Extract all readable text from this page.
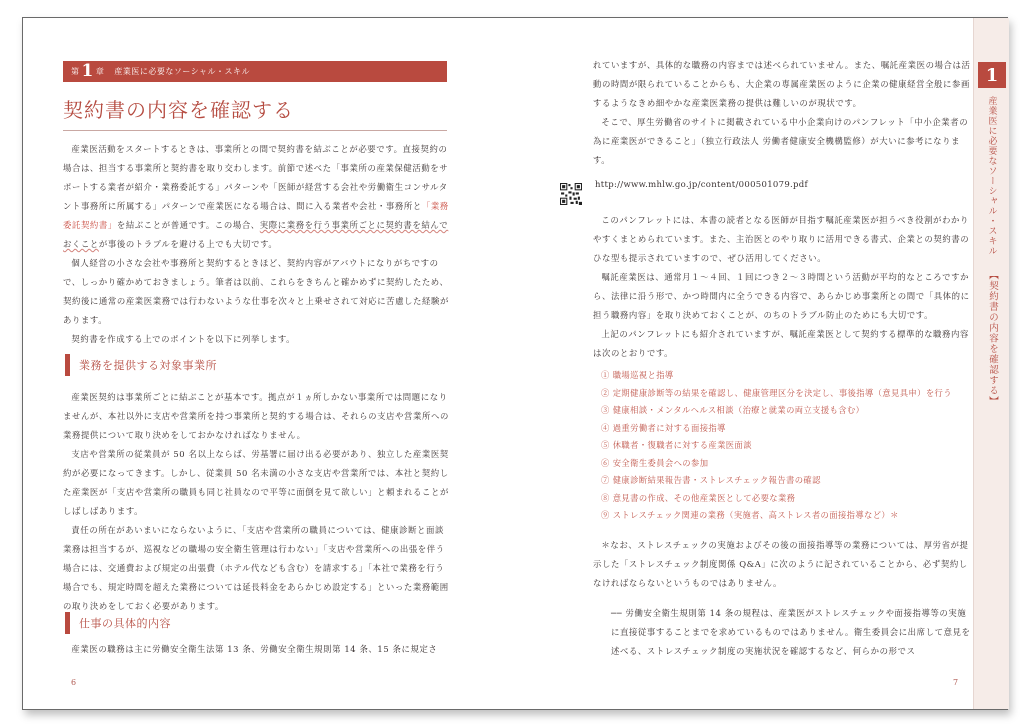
第 1 章 産業医に必要なソーシャル・スキル
契約書の内容を確認する

産業医活動をスタートするときは、事業所との間で契約書を結ぶことが必要です。直接契約の場合は、担当する事業所と契約書を取り交わします。前節で述べた「事業所の産業保健活動をサポートする業者が紹介・業務委託する」パターンや「医師が経営する会社や労働衛生コンサルタント事務所に所属する」パターンで産業医になる場合は、間に入る業者や会社・事務所と「業務委託契約書」を結ぶことが普通です。この場合、実際に業務を行う事業所ごとに契約書を結んでおくことが事後のトラブルを避ける上でも大切です。

個人経営の小さな会社や事務所と契約するときほど、契約内容がアバウトになりがちですので、しっかり確かめておきましょう。筆者は以前、これらをきちんと確かめずに契約したため、契約後に通常の産業医業務では行わないような仕事を次々と上乗せされて対応に苦慮した経験があります。

契約書を作成する上でのポイントを以下に列挙します。

業務を提供する対象事業所

産業医契約は事業所ごとに結ぶことが基本です。拠点が１ヵ所しかない事業所では問題になりませんが、本社以外に支店や営業所を持つ事業所と契約する場合は、それらの支店や営業所への業務提供について取り決めをしておかなければなりません。

支店や営業所の従業員が 50 名以上ならば、労基署に届け出る必要があり、独立した産業医契約が必要になってきます。しかし、従業員 50 名未満の小さな支店や営業所では、本社と契約した産業医が「支店や営業所の職員も同じ社員なので平等に面倒を見て欲しい」と頼まれることがしばしばあります。

責任の所在があいまいにならないように、「支店や営業所の職員については、健康診断と面談業務は担当するが、巡視などの職場の安全衛生管理は行わない」「支店や営業所への出張を伴う場合には、交通費および規定の出張費（ホテル代なども含む）を請求する」「本社で業務を行う場合でも、規定時間を超えた業務については延長料金をあらかじめ設定する」といった業務範囲の取り決めをしておく必要があります。

仕事の具体的内容

産業医の職務は主に労働安全衛生法第 13 条、労働安全衛生規則第 14 条、15 条に規定さ

6

れていますが、具体的な職務の内容までは述べられていません。また、嘱託産業医の場合は活動の時間が限られていることからも、大企業の専属産業医のように企業の健康経営全般に参画するようなきめ細やかな産業医業務の提供は難しいのが現状です。

そこで、厚生労働省のサイトに掲載されている中小企業向けのパンフレット「中小企業者の為に産業医ができること」（独立行政法人 労働者健康安全機構監修）が大いに参考になります。

http://www.mhlw.go.jp/content/000501079.pdf

このパンフレットには、本書の読者となる医師が目指す嘱託産業医が担うべき役割がわかりやすくまとめられています。また、主治医とのやり取りに活用できる書式、企業との契約書のひな型も提示されていますので、ぜひ活用してください。

嘱託産業医は、通常月１～４回、１回につき２～３時間という活動が平均的なところですから、法律に沿う形で、かつ時間内に全うできる内容で、あらかじめ事業所との間で「具体的に担う職務内容」を取り決めておくことが、のちのトラブル防止のためにも大切です。

上記のパンフレットにも紹介されていますが、嘱託産業医として契約する標準的な職務内容は次のとおりです。

① 職場巡視と指導
② 定期健康診断等の結果を確認し、健康管理区分を決定し、事後指導（意見具申）を行う
③ 健康相談・メンタルヘルス相談（治療と就業の両立支援も含む）
④ 過重労働者に対する面接指導
⑤ 休職者・復職者に対する産業医面談
⑥ 安全衛生委員会への参加
⑦ 健康診断結果報告書・ストレスチェック報告書の確認
⑧ 意見書の作成、その他産業医として必要な業務
⑨ ストレスチェック関連の業務（実施者、高ストレス者の面接指導など）＊

＊なお、ストレスチェックの実施およびその後の面接指導等の業務については、厚労省が提示した「ストレスチェック制度関係 Q&A」に次のように記されていることから、必ず契約しなければならないというものではありません。

── 労働安全衛生規則第 14 条の規程は、産業医がストレスチェックや面接指導等の実施に直接従事することまでを求めているものではありません。衛生委員会に出席して意見を述べる、ストレスチェック制度の実施状況を確認するなど、何らかの形でス

7
1
産業医に必要なソーシャル・スキル
【契約書の内容を確認する】
